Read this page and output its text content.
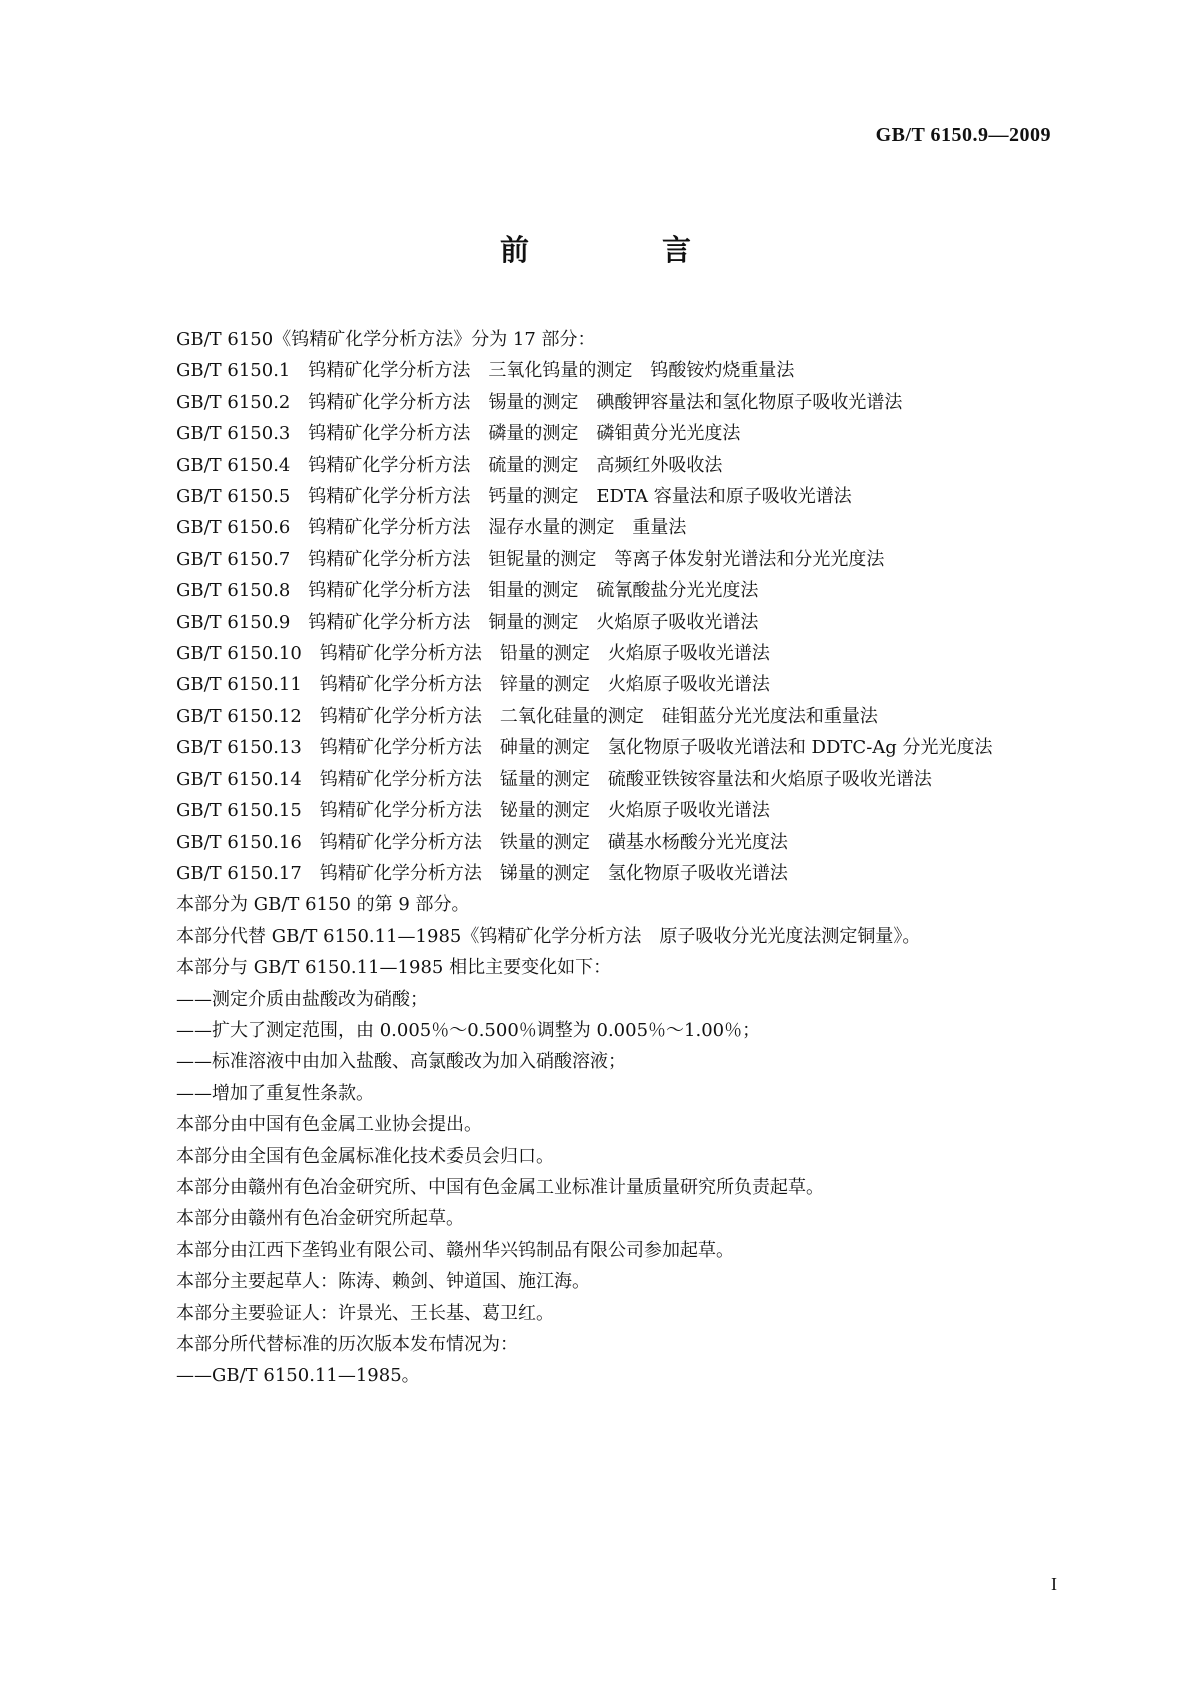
GB/T 6150.9—2009
前　言

GB/T 6150《钨精矿化学分析方法》分为 17 部分：

GB/T 6150.1　钨精矿化学分析方法　三氧化钨量的测定　钨酸铵灼烧重量法

GB/T 6150.2　钨精矿化学分析方法　锡量的测定　碘酸钾容量法和氢化物原子吸收光谱法

GB/T 6150.3　钨精矿化学分析方法　磷量的测定　磷钼黄分光光度法

GB/T 6150.4　钨精矿化学分析方法　硫量的测定　高频红外吸收法

GB/T 6150.5　钨精矿化学分析方法　钙量的测定　EDTA 容量法和原子吸收光谱法

GB/T 6150.6　钨精矿化学分析方法　湿存水量的测定　重量法

GB/T 6150.7　钨精矿化学分析方法　钽铌量的测定　等离子体发射光谱法和分光光度法

GB/T 6150.8　钨精矿化学分析方法　钼量的测定　硫氰酸盐分光光度法

GB/T 6150.9　钨精矿化学分析方法　铜量的测定　火焰原子吸收光谱法

GB/T 6150.10　钨精矿化学分析方法　铅量的测定　火焰原子吸收光谱法

GB/T 6150.11　钨精矿化学分析方法　锌量的测定　火焰原子吸收光谱法

GB/T 6150.12　钨精矿化学分析方法　二氧化硅量的测定　硅钼蓝分光光度法和重量法

GB/T 6150.13　钨精矿化学分析方法　砷量的测定　氢化物原子吸收光谱法和 DDTC-Ag 分光光度法

GB/T 6150.14　钨精矿化学分析方法　锰量的测定　硫酸亚铁铵容量法和火焰原子吸收光谱法

GB/T 6150.15　钨精矿化学分析方法　铋量的测定　火焰原子吸收光谱法

GB/T 6150.16　钨精矿化学分析方法　铁量的测定　磺基水杨酸分光光度法

GB/T 6150.17　钨精矿化学分析方法　锑量的测定　氢化物原子吸收光谱法

本部分为 GB/T 6150 的第 9 部分。

本部分代替 GB/T 6150.11—1985《钨精矿化学分析方法　原子吸收分光光度法测定铜量》。

本部分与 GB/T 6150.11—1985 相比主要变化如下：

——测定介质由盐酸改为硝酸；

——扩大了测定范围，由 0.005％～0.500％调整为 0.005％～1.00％；

——标准溶液中由加入盐酸、高氯酸改为加入硝酸溶液；

——增加了重复性条款。

本部分由中国有色金属工业协会提出。

本部分由全国有色金属标准化技术委员会归口。

本部分由赣州有色冶金研究所、中国有色金属工业标准计量质量研究所负责起草。

本部分由赣州有色冶金研究所起草。

本部分由江西下垄钨业有限公司、赣州华兴钨制品有限公司参加起草。

本部分主要起草人：陈涛、赖剑、钟道国、施江海。

本部分主要验证人：许景光、王长基、葛卫红。

本部分所代替标准的历次版本发布情况为：

——GB/T 6150.11—1985。

I
